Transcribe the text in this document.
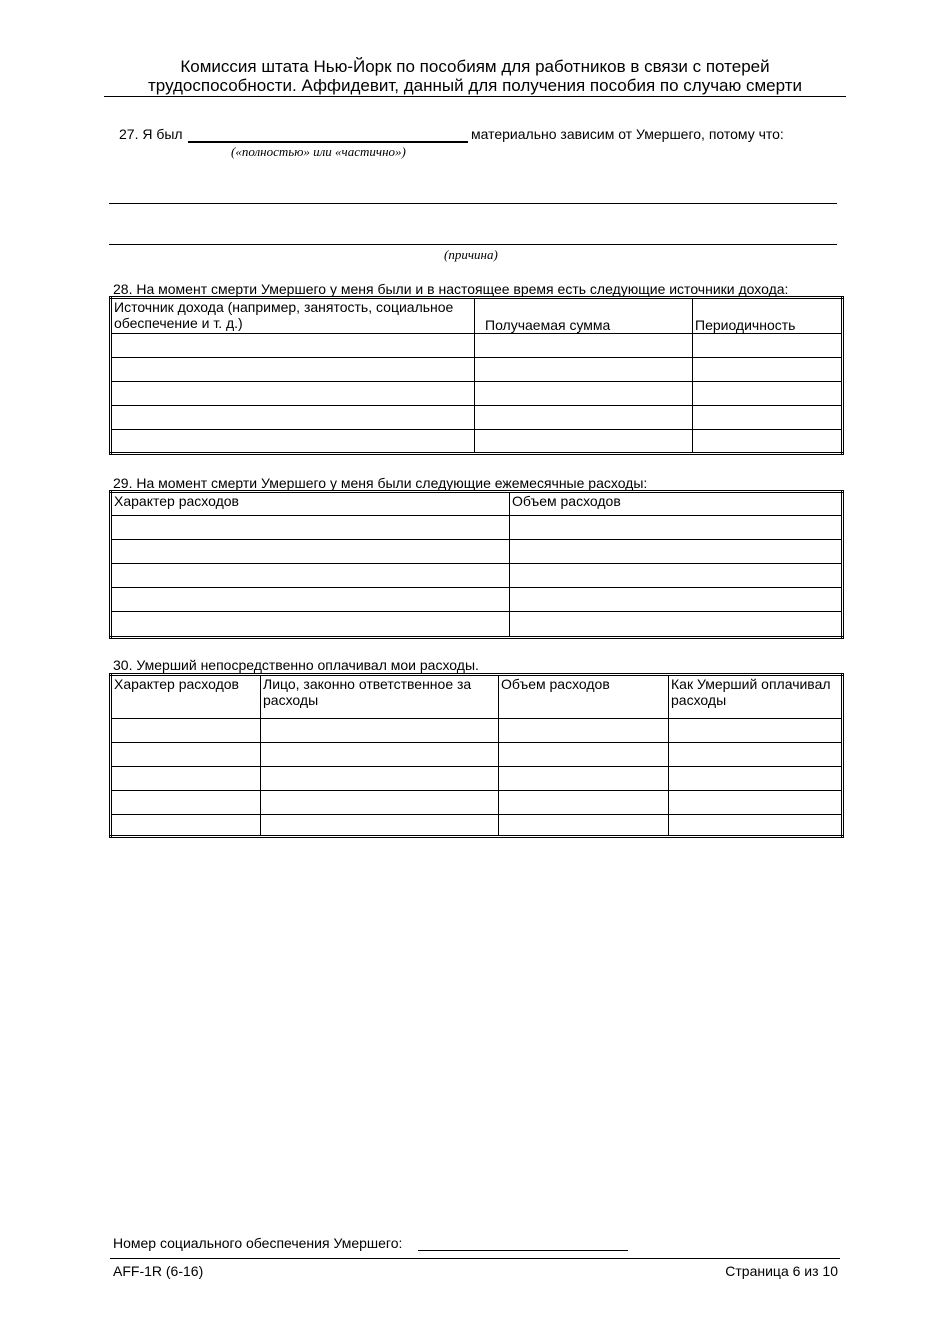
Комиссия штата Нью-Йорк по пособиям для работников в связи с потерей
трудоспособности. Аффидевит, данный для получения пособия по случаю смерти
27. Я был	материально зависим от Умершего, потому что:
(«полностью» или «частично»)
(причина)
28. На момент смерти Умершего у меня были и в настоящее время есть следующие источники дохода:
Источник дохода (например, занятость, социальное обеспечение и т. д.)	Получаемая сумма	Периодичность

29. На момент смерти Умершего у меня были следующие ежемесячные расходы:
Характер расходов	Объем расходов

30. Умерший непосредственно оплачивал мои расходы.
Характер расходов	Лицо, законно ответственное за расходы	Объем расходов	Как Умерший оплачивал расходы

Номер социального обеспечения Умершего:
AFF-1R (6-16)	Страница 6 из 10
